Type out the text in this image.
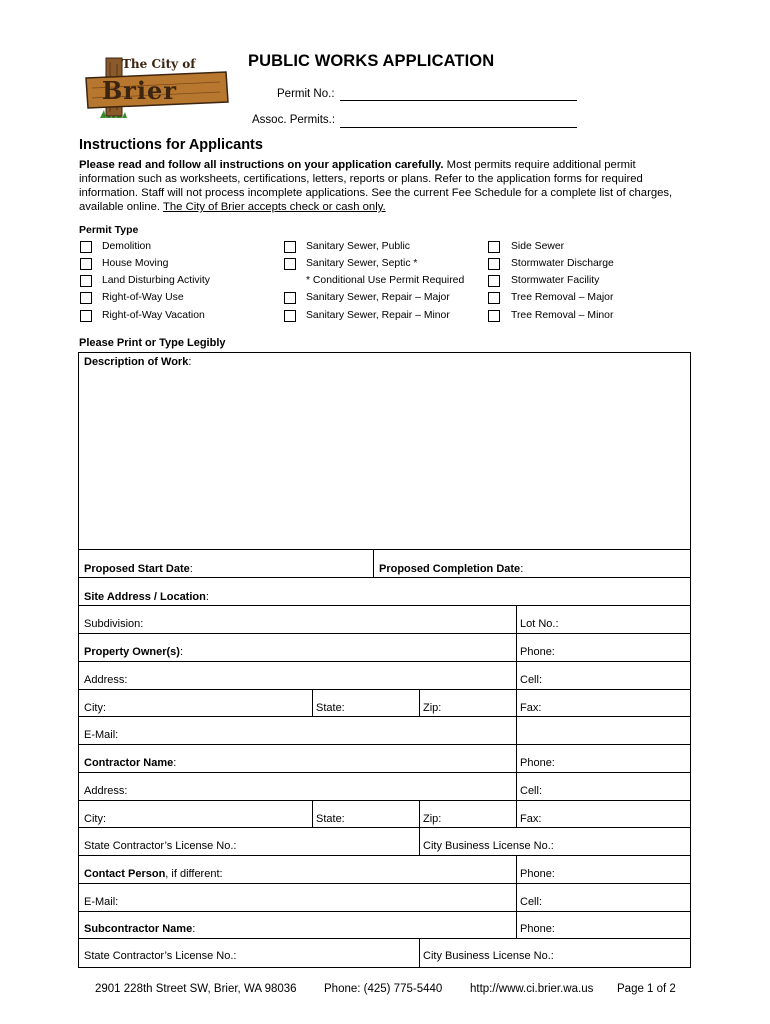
The City of
Brier
PUBLIC WORKS APPLICATION
Permit No.:
Assoc. Permits.:
Instructions for Applicants
Please read and follow all instructions on your application carefully. Most permits require additional permit information such as worksheets, certifications, letters, reports or plans. Refer to the application forms for required information. Staff will not process incomplete applications. See the current Fee Schedule for a complete list of charges, available online. The City of Brier accepts check or cash only.
Permit Type
Demolition
House Moving
Land Disturbing Activity
Right-of-Way Use
Right-of-Way Vacation
Sanitary Sewer, Public
Sanitary Sewer, Septic *
* Conditional Use Permit Required
Sanitary Sewer, Repair – Major
Sanitary Sewer, Repair – Minor
Side Sewer
Stormwater Discharge
Stormwater Facility
Tree Removal – Major
Tree Removal – Minor
Please Print or Type Legibly
Description of Work:
Proposed Start Date:	Proposed Completion Date:
Site Address / Location:
Subdivision:	Lot No.:
Property Owner(s):	Phone:
Address:	Cell:
City:	State:	Zip:	Fax:
E-Mail:
Contractor Name:	Phone:
Address:	Cell:
City:	State:	Zip:	Fax:
State Contractor’s License No.:	City Business License No.:
Contact Person, if different:	Phone:
E-Mail:	Cell:
Subcontractor Name:	Phone:
State Contractor’s License No.:	City Business License No.:
2901 228th Street SW, Brier, WA 98036 Phone: (425) 775-5440 http://www.ci.brier.wa.us Page 1 of 2
